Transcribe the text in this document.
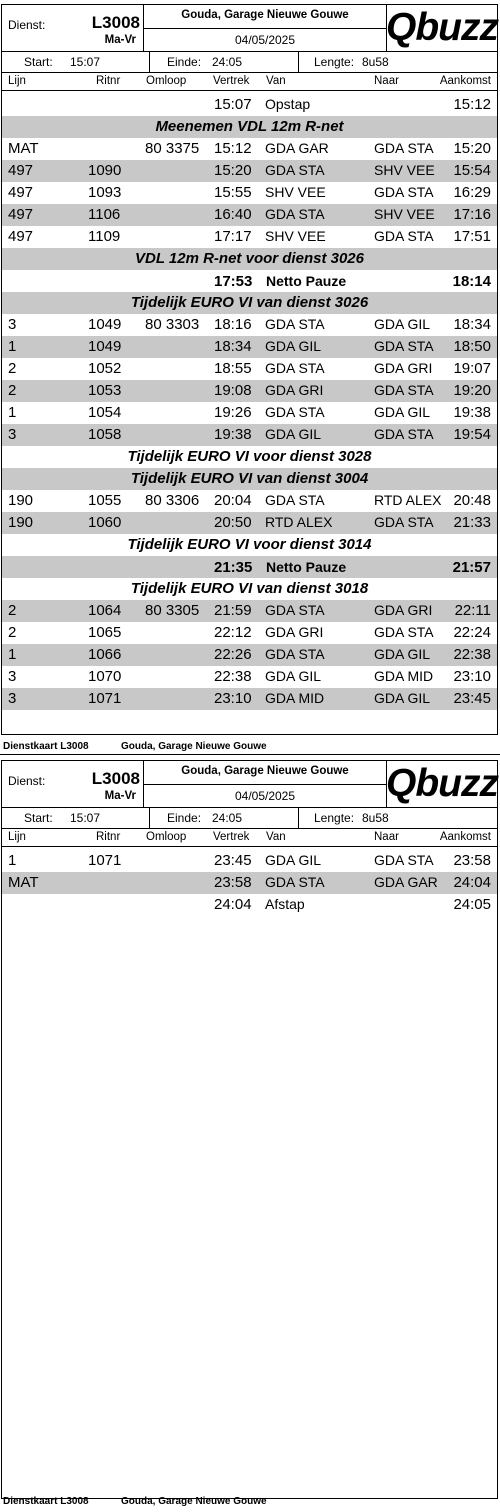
Dienst:	L3008
Ma-Vr
Gouda, Garage Nieuwe Gouwe
04/05/2025	Qbuzz
Start: 15:07	Einde: 24:05	Lengte: 8u58
Lijn	Ritnr Omloop Vertrek Van	Naar	Aankomst
15:07 Opstap	15:12
Meenemen VDL 12m R-net
MAT	80 3375 15:12 GDA GAR	GDA STA 15:20
497	1090	15:20 GDA STA	SHV VEE 15:54
497	1093	15:55 SHV VEE	GDA STA 16:29
497	1106	16:40 GDA STA	SHV VEE 17:16
497	1109	17:17 SHV VEE	GDA STA 17:51
VDL 12m R-net voor dienst 3026
17:53 Netto Pauze	18:14
Tijdelijk EURO VI van dienst 3026
3	1049 80 3303 18:16 GDA STA	GDA GIL 18:34
1	1049	18:34 GDA GIL	GDA STA 18:50
2	1052	18:55 GDA STA	GDA GRI 19:07
2	1053	19:08 GDA GRI	GDA STA 19:20
1	1054	19:26 GDA STA	GDA GIL 19:38
3	1058	19:38 GDA GIL	GDA STA 19:54
Tijdelijk EURO VI voor dienst 3028
Tijdelijk EURO VI van dienst 3004
190	1055 80 3306 20:04 GDA STA	RTD ALEX 20:48
190	1060	20:50 RTD ALEX	GDA STA 21:33
Tijdelijk EURO VI voor dienst 3014
21:35 Netto Pauze	21:57
Tijdelijk EURO VI van dienst 3018
2	1064 80 3305 21:59 GDA STA	GDA GRI 22:11
2	1065	22:12 GDA GRI	GDA STA 22:24
1	1066	22:26 GDA STA	GDA GIL 22:38
3	1070	22:38 GDA GIL	GDA MID 23:10
3	1071	23:10 GDA MID	GDA GIL 23:45
Dienstkaart L3008	Gouda, Garage Nieuwe Gouwe
Dienst:	L3008
Ma-Vr
Gouda, Garage Nieuwe Gouwe
04/05/2025	Qbuzz
Start: 15:07	Einde: 24:05	Lengte: 8u58
Lijn	Ritnr Omloop Vertrek Van	Naar	Aankomst
1	1071	23:45 GDA GIL	GDA STA 23:58
MAT	23:58 GDA STA	GDA GAR 24:04
24:04 Afstap	24:05
Dienstkaart L3008	Gouda, Garage Nieuwe Gouwe
